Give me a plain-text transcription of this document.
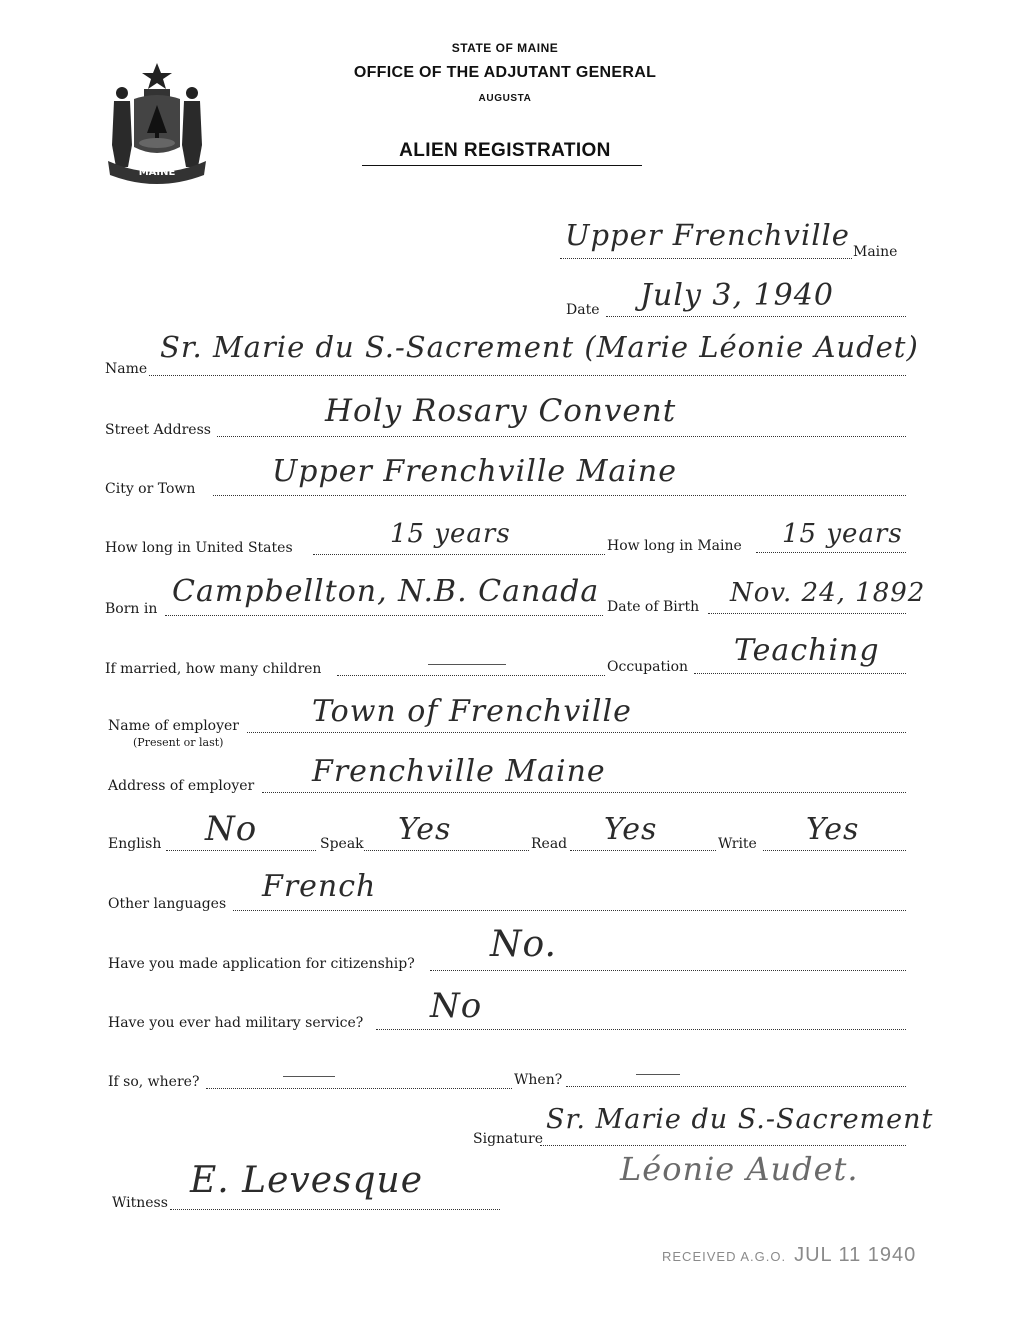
MAINE
STATE OF MAINE
OFFICE OF THE ADJUTANT GENERAL
AUGUSTA
ALIEN REGISTRATION
Upper Frenchville Maine
Date July 3, 1940
Name
Sr. Marie du S.-Sacrement (Marie Léonie Audet)
Street Address
Holy Rosary Convent
City or Town	Upper Frenchville Maine
How long in United States	15 years	How long in Maine 15 years
Born in Campbellton, N.B. Canada Date of Birth Nov. 24, 1892
If married, how many children	Occupation Teaching
Name of employer
(Present or last)
Town of Frenchville
Address of employer Frenchville Maine
English No	Speak Yes	Read Yes	Write Yes
Other languages French
Have you made application for citizenship? No.
Have you ever had military service? No
If so, where?	When?
Signature
Sr. Marie du S.-Sacrement
Léonie Audet.
Witness
E. Levesque
RECEIVED A.G.O. JUL 11 1940
